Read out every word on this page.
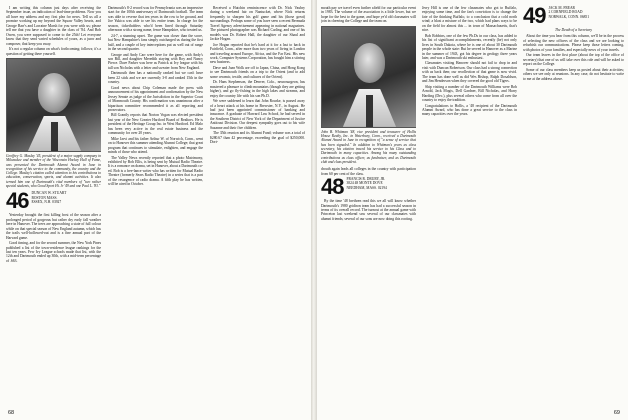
I am writing this column just days after receiving the September issue, an indication of lead-time problems. Now you all have my address and my first plea for news. Tell us all a promise working up my beyond the Squaw Valley hearts, and George Barr's and Lorraine Marsh for you were with us; please tell me that you have a daughter in the class of '84. And Bob Owen, you were supposed to come to the 25th! Let everyone know that they send varied schedules of yours, as a juror and composer, that keep you away.

It's not a regular column on what's forthcoming; follows; it's a question of getting there yourself.

Geoffrey G. Maslay '45, president of a major supply company in Milwaukee and member of the Wisconsin Hockey Hall of Fame, was presented the Dartmouth Alumni Award in June in recognition of his service to the community, the country and the College. Maslay's citation called attention to his contributions to education, conservation, sports, and alumni activities. It also termed him one of Dartmouth's vital members of "two rather special students, who Good Sport Hi. Jr '49 and one Paul L. '83."
46 DUNCAN W. STUART
BOSTON MASS.
ESSEX, N.H. 03927

Yesterday brought the first killing frost of the season after a prolonged period of gorgeous but rather dry early fall weather here in Hanover. The trees are approaching a state of full colour while on that special season of New England autumn, which has the trails well-hollowed-out and is a fine annual part of the Harvard game.

Good timing, and for the second summer, the New York Pines published a list of the town-residence league rankings for the last ten years. Few Ivy League schools made that list, with the 12th and Dartmouth ended up 30th, with a mid-term percentage of .663.

Dartmouth's 8-2 record was for Pennsylvania was an impressive start for the 100th anniversary of Dartmouth football. The team was able to reverse that ten years in the row to be ground, and Joe Yukica was able to see his entire team. In charge for the season, ticketholders who'd been lined through Saturday afternoon with a strong name, fence Hampshire, who treated us.

24-7, a stunning upset. The game was closer than the score, but New Hampshire's fans simply outcharged us during the first half, and a couple of key interceptions put us well out of range in the second quarter.

George and Andy Carr were here for the game, with Andy's son Bill, and daughter Meredith staying with Roy and Nancy Pierce. Dave Parker was here as Patrick at Ivy league with his tall son Nicholas with a letter and sweater from New England.

Dartmouth then has a nationally ranked but we can't have been 22 stick and we are currently 3-0 and ranked 15th in the country.

Good news about Chip Coleman made the press with announcement of his appointment and confirmation by the New Jersey Senate as judge of the Jurisdiction in the Superior Court of Monmouth County. His confirmation was unanimous after a bipartisan committee recommended it as all reporting and prosecutors.

Bill Grantly reports that Norton Vogan was elected president last year of the New Greater Hartford Board of Realtors. He is president of the Heritage Group Inc. in West Hartford. Ed Malo has been very active in the real estate business and the community for over 20 years.

Mike Jarvi and his father Arthur W. of Norwich, Conn., went on to Hanover this summer attending Alumni College; that great program that continues to stimulate, enlighten, and engage the minds of those who attend.

The Valley News recently reported that a photo Matrimony, exhibited by Bob Ellis, is being sent by Mutual Radio Theatre. It is a romance on drama, set in Hanover, about a Dartmouth co-ed. Bob is a free-lance writer who has written for Mutual Radio Theatre (formerly Sears Radio Theatre) in a series that is a part of the resurgence of radio drama. A fifth play he has written, will be aired in October.

Received a Hutchin reminiscence with Dr. Nick Vaubry during a weekend fair on Nantucket, where Nick returns frequently to sharpen his golf game and his (those great) surroundings. Perhaps some of you have seen a recent Bermuda Travel Agency advertisement appearing in national magazines. The pictured photographer was Richard Carling, and one of his models was Dr. Robert Hall, the daughter of our Shaul and Jackie Hogan.

Joe Hogan reported that he's hard at it for a last to back in Fairfield, Conn., after more than two years of living in London and traveling around Europe, Africa, and the Far East. His new work, Computer Systems Corporation, has bought him a stirring new business.

Dave and Joan Wolk are off to Japan, China, and Hong Kong to see Dartmouth friends on a trip to the Orient (and to add some ceramic, textile, and cultures of the Orient).

Dr. Hans Stephenson, the Denver, Colo., neurosurgeon, has mastered a pleasure to climb mountains (though they are getting higher), and go fly-fishing in the high lakes and streams, and enjoy the country life with his son Ph.D.

We were saddened to learn that John Rourke, is passed away of a heart attack at his home in Brewster, N.Y., in August. He had just been appointed commissioner of banking and insurance. A graduate of Harvard Law School, he had served in the Southern District of New York of the Department of Justice Antitrust Division. Our deepest sympathy goes out to his wife Suzanne and their five children.

The 35th reunion and its Alumni Fund; volume was a total of $280.67 than 42 percentage, exceeding the goal of $250,000. Dort-

68

mouth pay we travel even further afield for our particular event in 1983. The volume of the association is a little lower, but we hope for the best to the game, and hope ye'd old classmates will join in cheering the College and the team on.

John B. Whitman '48, vice president and treasurer of Hollis House Realty, Inc. in Waterbury, Conn., received a Dartmouth Alumni Award in June in recognition of "a sense of service that has been signaled." In addition to Whitman's years as class secretary, his citation traced his service to his Class and to Dartmouth in many capacities. Among his many outstanding contributions as class officer, as fundraiser, and as Dartmouth club and class president.

drouth again leads all colleges in the country with participation from 60 per cent of the class.

48 FRANCIS R. DRURY, JR.
3824 48 MONTE DOVE
NEEDHAM, MASS. 02194

By the time '48 brethren read this we all will know whether Dartmouth's 1980 gridiron team has had a successful season in terms of its overall record. The turnout at the annual game with Princeton last weekend saw several of our classmates with alumni friends; several of our sons are now doing this rooting.

Jerry Hill is one of the few classmates who got to Buffalo, enjoying some time, and the fan's conviction is to change the fate of the thinking Buffalo, to a conclusion that a cold north wind; a blast a mixture of the two, which had plans ways to be on the field for almost this ... in town of Massachusetts, that's nice.

Bob Robbins, one of the few Ph.Ds in our class, has added to his list of significant accomplishments, recently (he) not only lives in South Dakota, where he is one of about 30 Dartmouth people in the whole state: But he served in Hanover as a Marine in the summer of 1943, got his degree in geology three years later, and was a Dartmouth ski enthusiast.

Classmates visiting Hanover should not fail to drop in and visit with Duncan Robertson. Our class had a strong connection with us back then; our recollection of that game is now vivid. The team has done well as did Wes Bishop, Ralph Dosaldson, and Jim Henderson when they covered the good old Tigers.

Ship visiting a number of the Dartmouth Williams were Bob Arnold, Jack Mogis, Dell Gardner, Bill Nicholas, and Harry Harding (Dec.), plus several others who come from all over the country to enjoy the tradition.

Congratulations to Hollis, a '48 recipient of the Dartmouth Alumni Award, who has done a great service to the class in many capacities over the years.

49 JACK M. FREAR
2 CORNFIELD ROAD
NORWALK, CONN. 06851
The Death of a Secretary

About the time you hear from this column, we'll be in the process of selecting the new officers of the class and we are looking to refurbish our communications. Please keep those letters coming, with photos of your families, and especially news of your travels.

Our team leaves in the first place (about the top of the office of secretary) that one of us will take over this role and will be asked to report on the College.

Some of our class members keep us posted about their activities; others we see only at reunions. In any case, do not hesitate to write to me at the address above.

69
